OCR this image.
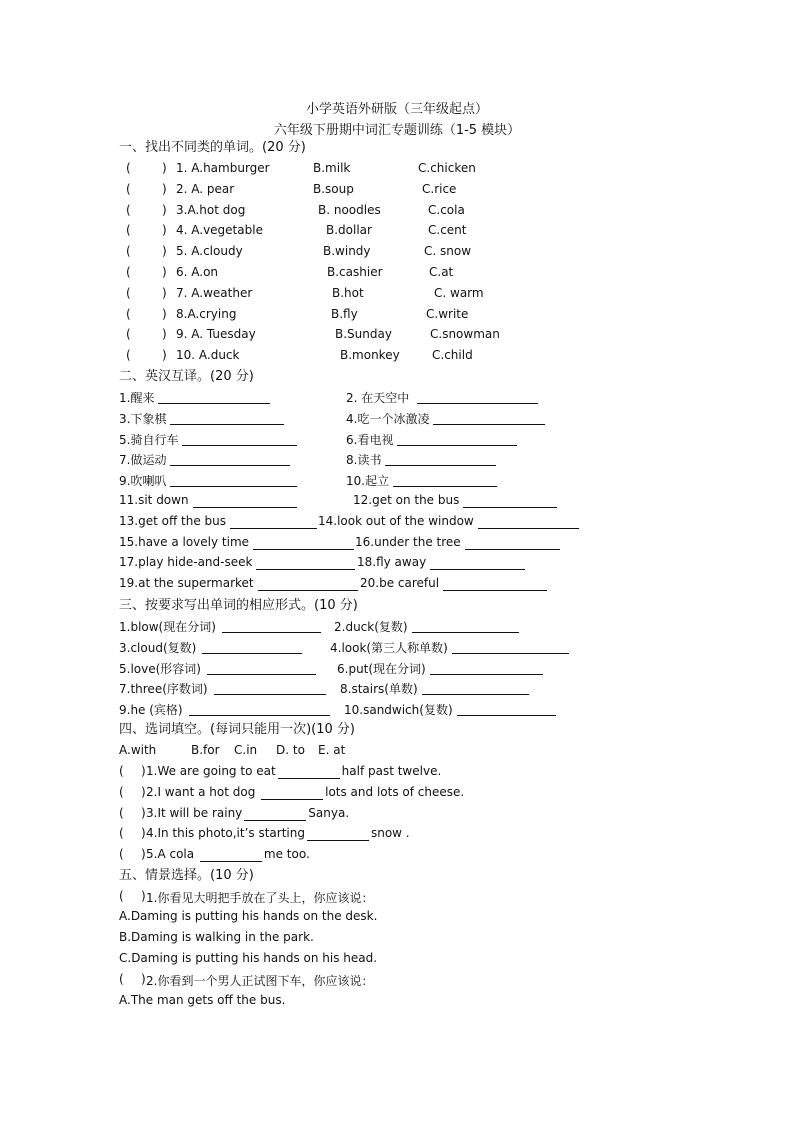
小学英语外研版（三年级起点）
六年级下册期中词汇专题训练（1-5 模块）
一、找出不同类的单词。(20 分)
(	) 1. A.hamburger	B.milk	C.chicken
(	) 2. A. pear	B.soup	C.rice
(	) 3.A.hot dog	B. noodles	C.cola
(	) 4. A.vegetable	B.dollar	C.cent
(	) 5. A.cloudy	B.windy	C. snow
(	) 6. A.on	B.cashier	C.at
(	) 7. A.weather	B.hot	C. warm
(	) 8.A.crying	B.fly	C.write
(	) 9. A. Tuesday	B.Sunday	C.snowman
(	) 10. A.duck	B.monkey	C.child
二、英汉互译。(20 分)
1.醒来	2. 在天空中
3.下象棋	4.吃一个冰激凌
5.骑自行车	6.看电视
7.做运动	8.读书
9.吹喇叭	10.起立
11.sit down	12.get on the bus
13.get off the bus	14.look out of the window
15.have a lovely time	16.under the tree
17.play hide-and-seek	18.fly away
19.at the supermarket	20.be careful
三、按要求写出单词的相应形式。(10 分)
1.blow(现在分词)	2.duck(复数)
3.cloud(复数)	4.look(第三人称单数)
5.love(形容词)	6.put(现在分词)
7.three(序数词)	8.stairs(单数)
9.he (宾格)	10.sandwich(复数)
四、选词填空。(每词只能用一次)(10 分)
A.with	B.for C.in D. to E. at
( ) 1.We are going to eat	half past twelve.
( ) 2.I want a hot dog	lots and lots of cheese.
( ) 3.It will be rainy	Sanya.
( ) 4.In this photo,it’s starting	snow .
( ) 5.A cola	me too.
五、情景选择。(10 分)
( ) 1.你看见大明把手放在了头上，你应该说：
A.Daming is putting his hands on the desk.
B.Daming is walking in the park.
C.Daming is putting his hands on his head.
( ) 2.你看到一个男人正试图下车，你应该说：
A.The man gets off the bus.
